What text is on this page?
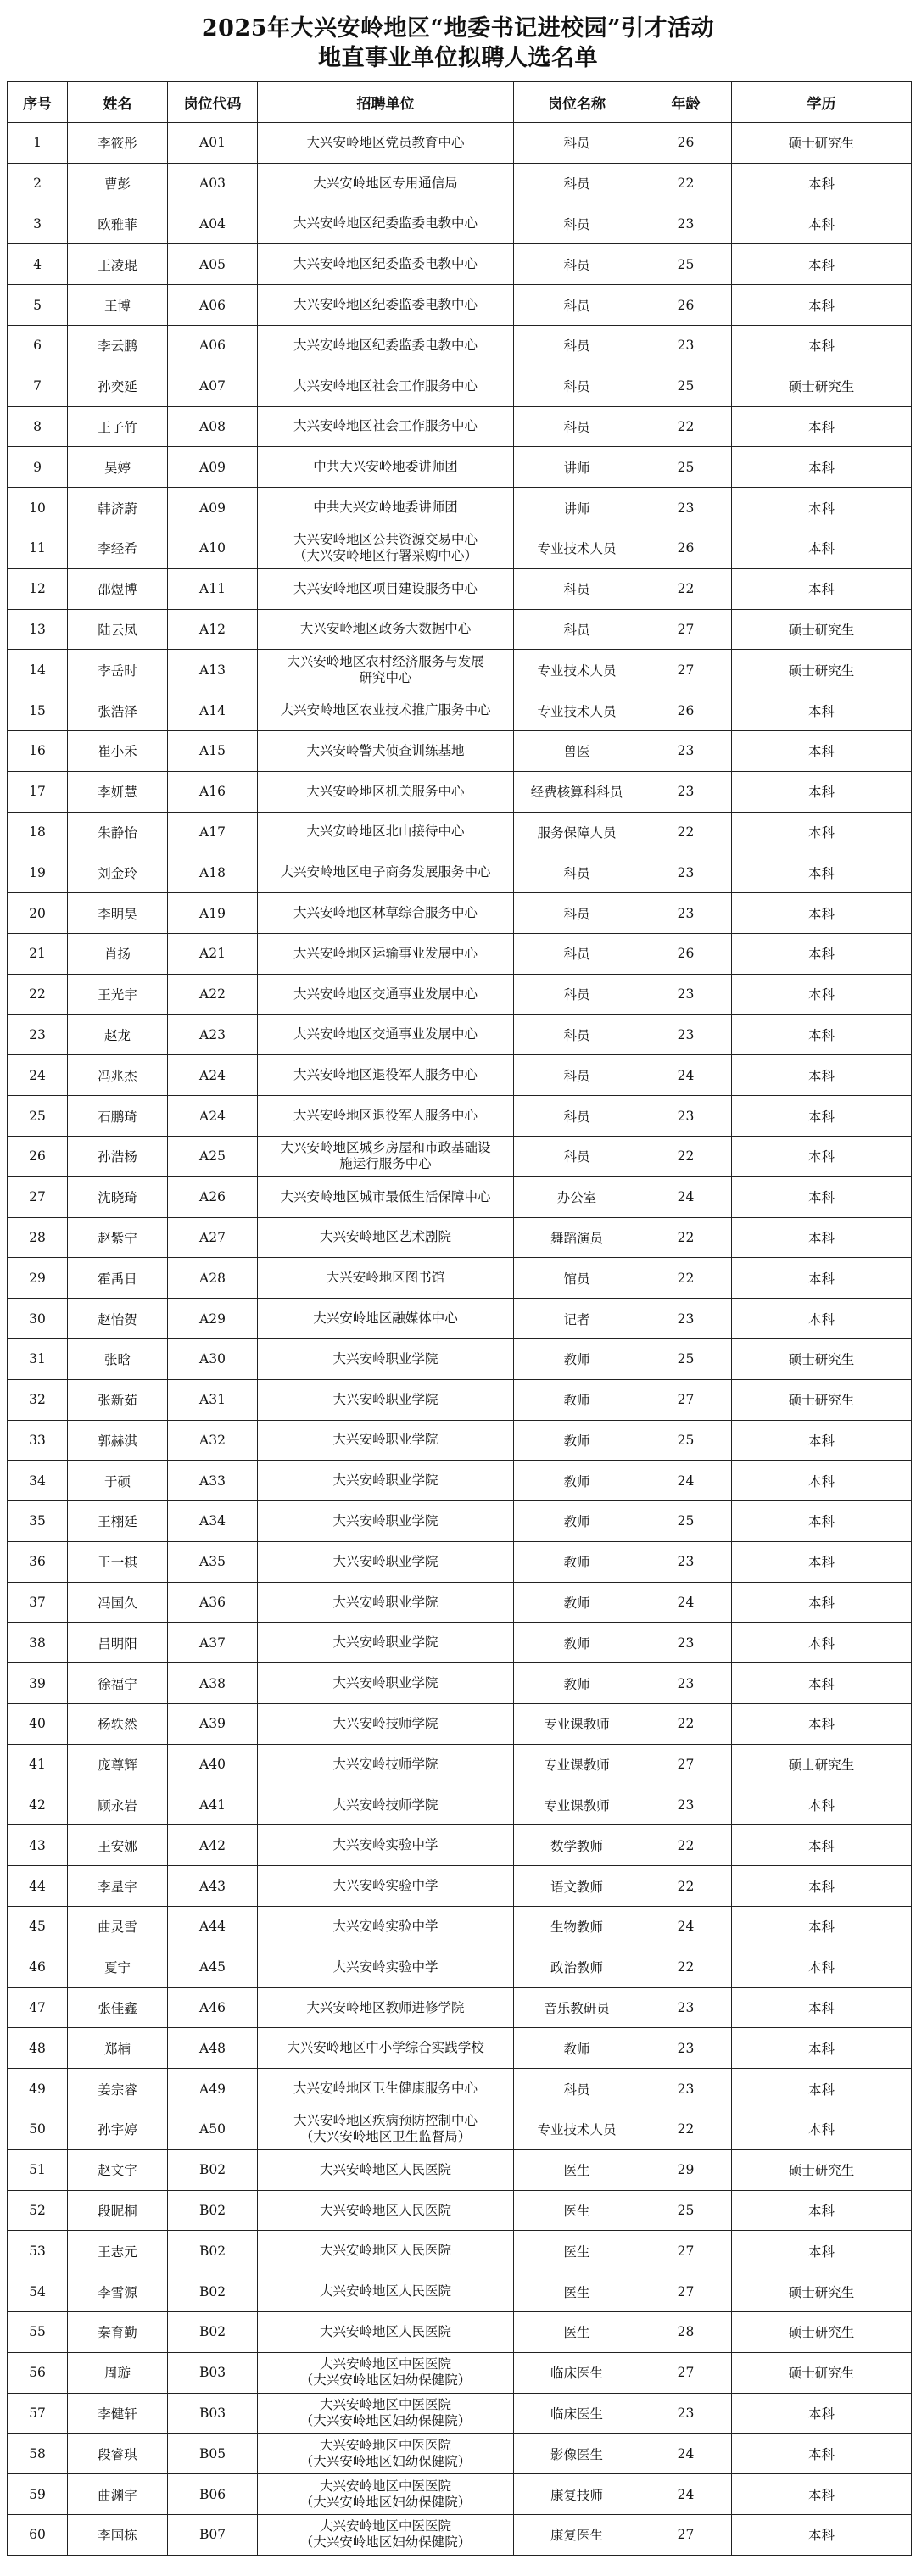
2025年大兴安岭地区“地委书记进校园”引才活动
地直事业单位拟聘人选名单
序号	姓名	岗位代码	招聘单位	岗位名称	年龄	学历
1	李筱彤	A01	大兴安岭地区党员教育中心	科员	26	硕士研究生
2	曹彭	A03	大兴安岭地区专用通信局	科员	22	本科
3	欧雅菲	A04	大兴安岭地区纪委监委电教中心	科员	23	本科
4	王凌琨	A05	大兴安岭地区纪委监委电教中心	科员	25	本科
5	王博	A06	大兴安岭地区纪委监委电教中心	科员	26	本科
6	李云鹏	A06	大兴安岭地区纪委监委电教中心	科员	23	本科
7	孙奕延	A07	大兴安岭地区社会工作服务中心	科员	25	硕士研究生
8	王子竹	A08	大兴安岭地区社会工作服务中心	科员	22	本科
9	吴婷	A09	中共大兴安岭地委讲师团	讲师	25	本科
10	韩济蔚	A09	中共大兴安岭地委讲师团	讲师	23	本科
11	李经希	A10	大兴安岭地区公共资源交易中心
（大兴安岭地区行署采购中心）	专业技术人员	26	本科
12	邵煜博	A11	大兴安岭地区项目建设服务中心	科员	22	本科
13	陆云凤	A12	大兴安岭地区政务大数据中心	科员	27	硕士研究生
14	李岳时	A13	大兴安岭地区农村经济服务与发展
研究中心	专业技术人员	27	硕士研究生
15	张浩泽	A14	大兴安岭地区农业技术推广服务中心	专业技术人员	26	本科
16	崔小禾	A15	大兴安岭警犬侦查训练基地	兽医	23	本科
17	李妍慧	A16	大兴安岭地区机关服务中心	经费核算科科员	23	本科
18	朱静怡	A17	大兴安岭地区北山接待中心	服务保障人员	22	本科
19	刘金玲	A18	大兴安岭地区电子商务发展服务中心	科员	23	本科
20	李明昊	A19	大兴安岭地区林草综合服务中心	科员	23	本科
21	肖扬	A21	大兴安岭地区运输事业发展中心	科员	26	本科
22	王光宇	A22	大兴安岭地区交通事业发展中心	科员	23	本科
23	赵龙	A23	大兴安岭地区交通事业发展中心	科员	23	本科
24	冯兆杰	A24	大兴安岭地区退役军人服务中心	科员	24	本科
25	石鹏琦	A24	大兴安岭地区退役军人服务中心	科员	23	本科
26	孙浩杨	A25	大兴安岭地区城乡房屋和市政基础设
施运行服务中心	科员	22	本科
27	沈晓琦	A26	大兴安岭地区城市最低生活保障中心	办公室	24	本科
28	赵紫宁	A27	大兴安岭地区艺术剧院	舞蹈演员	22	本科
29	霍禹日	A28	大兴安岭地区图书馆	馆员	22	本科
30	赵怡贺	A29	大兴安岭地区融媒体中心	记者	23	本科
31	张晗	A30	大兴安岭职业学院	教师	25	硕士研究生
32	张新茹	A31	大兴安岭职业学院	教师	27	硕士研究生
33	郭赫淇	A32	大兴安岭职业学院	教师	25	本科
34	于硕	A33	大兴安岭职业学院	教师	24	本科
35	王栩廷	A34	大兴安岭职业学院	教师	25	本科
36	王一棋	A35	大兴安岭职业学院	教师	23	本科
37	冯国久	A36	大兴安岭职业学院	教师	24	本科
38	吕明阳	A37	大兴安岭职业学院	教师	23	本科
39	徐福宁	A38	大兴安岭职业学院	教师	23	本科
40	杨轶然	A39	大兴安岭技师学院	专业课教师	22	本科
41	庞尊辉	A40	大兴安岭技师学院	专业课教师	27	硕士研究生
42	顾永岩	A41	大兴安岭技师学院	专业课教师	23	本科
43	王安娜	A42	大兴安岭实验中学	数学教师	22	本科
44	李星宇	A43	大兴安岭实验中学	语文教师	22	本科
45	曲灵雪	A44	大兴安岭实验中学	生物教师	24	本科
46	夏宁	A45	大兴安岭实验中学	政治教师	22	本科
47	张佳鑫	A46	大兴安岭地区教师进修学院	音乐教研员	23	本科
48	郑楠	A48	大兴安岭地区中小学综合实践学校	教师	23	本科
49	姜宗睿	A49	大兴安岭地区卫生健康服务中心	科员	23	本科
50	孙宇婷	A50	大兴安岭地区疾病预防控制中心
（大兴安岭地区卫生监督局）	专业技术人员	22	本科
51	赵文宇	B02	大兴安岭地区人民医院	医生	29	硕士研究生
52	段昵桐	B02	大兴安岭地区人民医院	医生	25	本科
53	王志元	B02	大兴安岭地区人民医院	医生	27	本科
54	李雪源	B02	大兴安岭地区人民医院	医生	27	硕士研究生
55	秦育勤	B02	大兴安岭地区人民医院	医生	28	硕士研究生
56	周璇	B03	大兴安岭地区中医医院
（大兴安岭地区妇幼保健院）	临床医生	27	硕士研究生
57	李健轩	B03	大兴安岭地区中医医院
（大兴安岭地区妇幼保健院）	临床医生	23	本科
58	段睿琪	B05	大兴安岭地区中医医院
（大兴安岭地区妇幼保健院）	影像医生	24	本科
59	曲渊宇	B06	大兴安岭地区中医医院
（大兴安岭地区妇幼保健院）	康复技师	24	本科
60	李国栋	B07	大兴安岭地区中医医院
（大兴安岭地区妇幼保健院）	康复医生	27	本科
